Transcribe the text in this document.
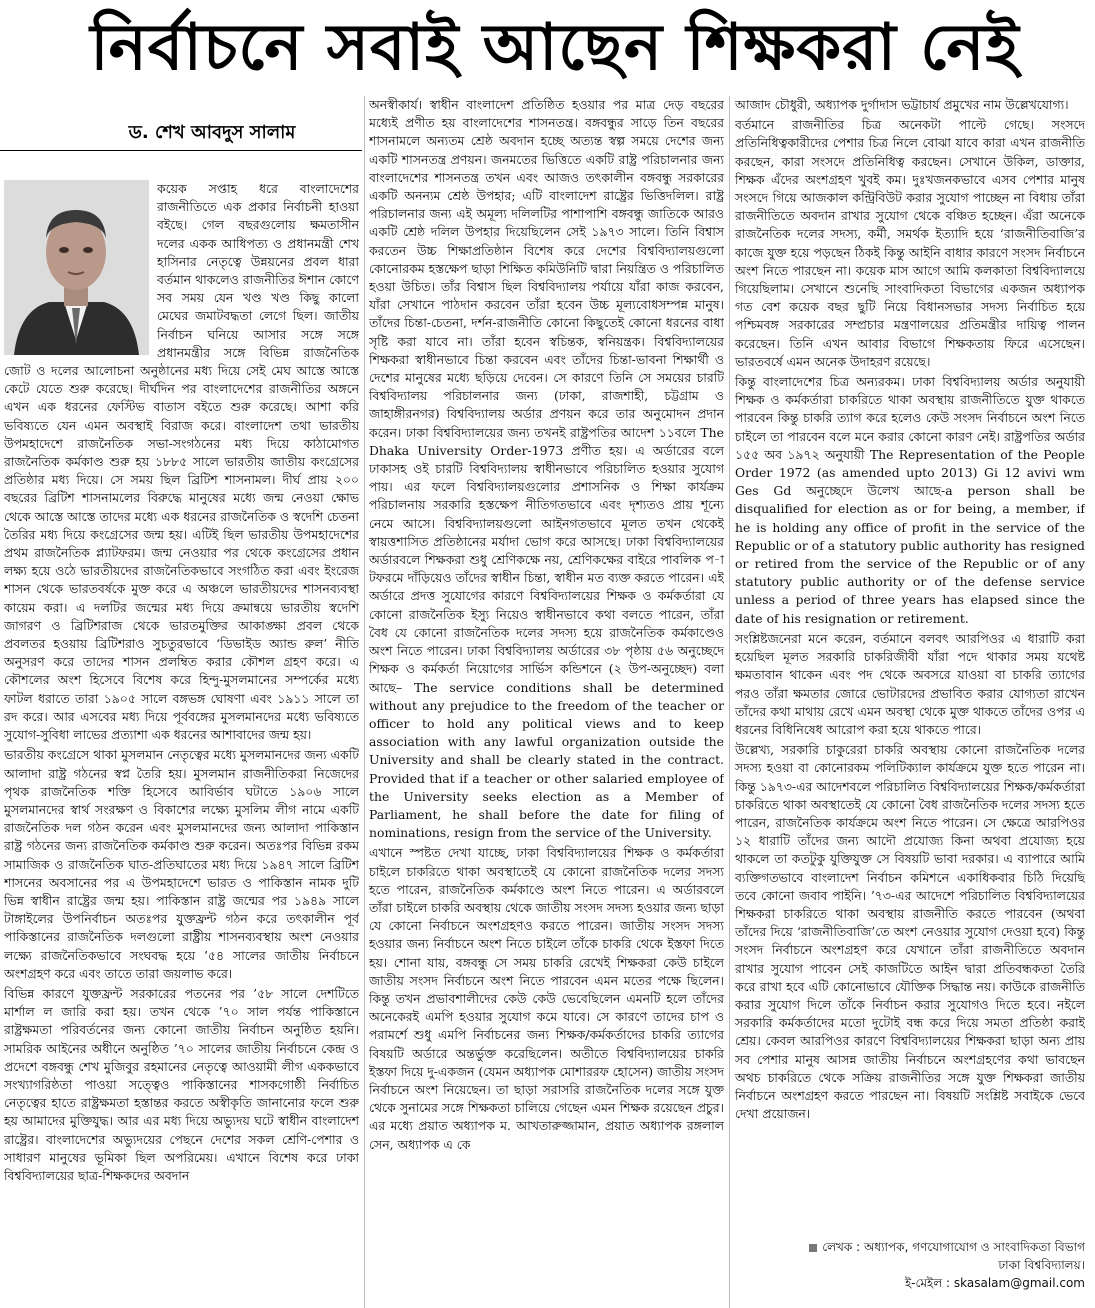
নির্বাচনে সবাই আছেন শিক্ষকরা নেই
ড. শেখ আবদুস সালাম

কয়েক সপ্তাহ ধরে বাংলাদেশের রাজনীতিতে এক প্রকার নির্বাচনী হাওয়া বইছে। গেল বছরগুলোয় ক্ষমতাসীন দলের একক আধিপত্য ও প্রধানমন্ত্রী শেখ হাসিনার নেতৃত্বে উন্নয়নের প্রবল ধারা বর্তমান থাকলেও রাজনীতির ঈশান কোণে সব সময় যেন খণ্ড খণ্ড কিছু কালো মেঘের জমাটবদ্ধতা লেগে ছিল। জাতীয় নির্বাচন ঘনিয়ে আসার সঙ্গে সঙ্গে প্রধানমন্ত্রীর সঙ্গে বিভিন্ন রাজনৈতিক জোট ও দলের আলোচনা অনুষ্ঠানের মধ্য দিয়ে সেই মেঘ আস্তে আস্তে কেটে যেতে শুরু করেছে। দীর্ঘদিন পর বাংলাদেশের রাজনীতির অঙ্গনে এখন এক ধরনের ফেস্টিভ বাতাস বইতে শুরু করেছে। আশা করি ভবিষ্যতে যেন এমন অবস্থাই বিরাজ করে। বাংলাদেশ তথা ভারতীয় উপমহাদেশে রাজনৈতিক সভা-সংগঠনের মধ্য দিয়ে কাঠামোগত রাজনৈতিক কর্মকাণ্ড শুরু হয় ১৮৮৫ সালে ভারতীয় জাতীয় কংগ্রেসের প্রতিষ্ঠার মধ্য দিয়ে। সে সময় ছিল ব্রিটিশ শাসনামল। দীর্ঘ প্রায় ২০০ বছরের ব্রিটিশ শাসনামলের বিরুদ্ধে মানুষের মধ্যে জন্ম নেওয়া ক্ষোভ থেকে আস্তে আস্তে তাদের মধ্যে এক ধরনের রাজনৈতিক ও স্বদেশি চেতনা তৈরির মধ্য দিয়ে কংগ্রেসের জন্ম হয়। এটিই ছিল ভারতীয় উপমহাদেশের প্রথম রাজনৈতিক প্ল্যাটফরম। জন্ম নেওয়ার পর থেকে কংগ্রেসের প্রধান লক্ষ্য হয়ে ওঠে ভারতীয়দের রাজনৈতিকভাবে সংগঠিত করা এবং ইংরেজ শাসন থেকে ভারতবর্ষকে মুক্ত করে এ অঞ্চলে ভারতীয়দের শাসনব্যবস্থা কায়েম করা। এ দলটির জন্মের মধ্য দিয়ে ক্রমান্বয়ে ভারতীয় স্বদেশি জাগরণ ও ব্রিটিশরাজ থেকে ভারতমুক্তির আকাঙ্ক্ষা প্রবল থেকে প্রবলতর হওয়ায় ব্রিটিশরাও সুচতুরভাবে ‘ডিভাইড অ্যান্ড রুল’ নীতি অনুসরণ করে তাদের শাসন প্রলম্বিত করার কৌশল গ্রহণ করে। এ কৌশলের অংশ হিসেবে বিশেষ করে হিন্দু-মুসলমানের সম্পর্কের মধ্যে ফাটল ধরাতে তারা ১৯০৫ সালে বঙ্গভঙ্গ ঘোষণা এবং ১৯১১ সালে তা রদ করে। আর এসবের মধ্য দিয়ে পূর্ববঙ্গের মুসলমানদের মধ্যে ভবিষ্যতে সুযোগ-সুবিধা লাভের প্রত্যাশা এক ধরনের আশাবাদের জন্ম হয়।

ভারতীয় কংগ্রেসে থাকা মুসলমান নেতৃত্বের মধ্যে মুসলমানদের জন্য একটি আলাদা রাষ্ট্র গঠনের স্বপ্ন তৈরি হয়। মুসলমান রাজনীতিকরা নিজেদের পৃথক রাজনৈতিক শক্তি হিসেবে আবির্ভাব ঘটাতে ১৯০৬ সালে মুসলমানদের স্বার্থ সংরক্ষণ ও বিকাশের লক্ষ্যে মুসলিম লীগ নামে একটি রাজনৈতিক দল গঠন করেন এবং মুসলমানদের জন্য আলাদা পাকিস্তান রাষ্ট্র গঠনের জন্য রাজনৈতিক কর্মকাণ্ড শুরু করেন। অতঃপর বিভিন্ন রকম সামাজিক ও রাজনৈতিক ঘাত-প্রতিঘাতের মধ্য দিয়ে ১৯৪৭ সালে ব্রিটিশ শাসনের অবসানের পর এ উপমহাদেশে ভারত ও পাকিস্তান নামক দুটি ভিন্ন স্বাধীন রাষ্ট্রের জন্ম হয়। পাকিস্তান রাষ্ট্র জন্মের পর ১৯৪৯ সালে টাঙ্গাইলের উপনির্বাচন অতঃপর যুক্তফ্রন্ট গঠন করে তৎকালীন পূর্ব পাকিস্তানের রাজনৈতিক দলগুলো রাষ্ট্রীয় শাসনব্যবস্থায় অংশ নেওয়ার লক্ষ্যে রাজনৈতিকভাবে সংঘবদ্ধ হয়ে ’৫৪ সালের জাতীয় নির্বাচনে অংশগ্রহণ করে এবং তাতে তারা জয়লাভ করে।

বিভিন্ন কারণে যুক্তফ্রন্ট সরকারের পতনের পর ’৫৮ সালে দেশটিতে মার্শাল ল জারি করা হয়। তখন থেকে ’৭০ সাল পর্যন্ত পাকিস্তানে রাষ্ট্রক্ষমতা পরিবর্তনের জন্য কোনো জাতীয় নির্বাচন অনুষ্ঠিত হয়নি। সামরিক আইনের অধীনে অনুষ্ঠিত ’৭০ সালের জাতীয় নির্বাচনে কেন্দ্র ও প্রদেশে বঙ্গবন্ধু শেখ মুজিবুর রহমানের নেতৃত্বে আওয়ামী লীগ এককভাবে সংখ্যাগরিষ্ঠতা পাওয়া সত্ত্বেও পাকিস্তানের শাসকগোষ্ঠী নির্বাচিত নেতৃত্বের হাতে রাষ্ট্রক্ষমতা হস্তান্তর করতে অস্বীকৃতি জানানোর ফলে শুরু হয় আমাদের মুক্তিযুদ্ধ। আর এর মধ্য দিয়ে অভ্যুদয় ঘটে স্বাধীন বাংলাদেশ রাষ্ট্রের। বাংলাদেশের অভ্যুদয়ের পেছনে দেশের সকল শ্রেণি-পেশার ও সাধারণ মানুষের ভূমিকা ছিল অপরিমেয়। এখানে বিশেষ করে ঢাকা বিশ্ববিদ্যালয়ের ছাত্র-শিক্ষকদের অবদান

অনস্বীকার্য। স্বাধীন বাংলাদেশ প্রতিষ্ঠিত হওয়ার পর মাত্র দেড় বছরের মধ্যেই প্রণীত হয় বাংলাদেশের শাসনতন্ত্র। বঙ্গবন্ধুর সাড়ে তিন বছরের শাসনামলে অন্যতম শ্রেষ্ঠ অবদান হচ্ছে অত্যন্ত স্বল্প সময়ে দেশের জন্য একটি শাসনতন্ত্র প্রণয়ন। জনমতের ভিত্তিতে একটি রাষ্ট্র পরিচালনার জন্য বাংলাদেশের শাসনতন্ত্র তখন এবং আজও তৎকালীন বঙ্গবন্ধু সরকারের একটি অনন্যম শ্রেষ্ঠ উপহার; এটি বাংলাদেশ রাষ্ট্রের ভিত্তিদলিল। রাষ্ট্র পরিচালনার জন্য এই অমূল্য দলিলটির পাশাপাশি বঙ্গবন্ধু জাতিকে আরও একটি শ্রেষ্ঠ দলিল উপহার দিয়েছিলেন সেই ১৯৭৩ সালে। তিনি বিশ্বাস করতেন উচ্চ শিক্ষাপ্রতিষ্ঠান বিশেষ করে দেশের বিশ্ববিদ্যালয়গুলো কোনোরকম হস্তক্ষেপ ছাড়া শিক্ষিত কমিউনিটি দ্বারা নিয়ন্ত্রিত ও পরিচালিত হওয়া উচিত। তাঁর বিশ্বাস ছিল বিশ্ববিদ্যালয় পর্যায়ে যাঁরা কাজ করবেন, যাঁরা সেখানে পাঠদান করবেন তাঁরা হবেন উচ্চ মূল্যবোধসম্পন্ন মানুষ। তাঁদের চিন্তা-চেতনা, দর্শন-রাজনীতি কোনো কিছুতেই কোনো ধরনের বাধা সৃষ্টি করা যাবে না। তাঁরা হবেন স্বচিন্তক, স্বনিয়ন্ত্রক। বিশ্ববিদ্যালয়ের শিক্ষকরা স্বাধীনভাবে চিন্তা করবেন এবং তাঁদের চিন্তা-ভাবনা শিক্ষার্থী ও দেশের মানুষের মধ্যে ছড়িয়ে দেবেন। সে কারণে তিনি সে সময়ের চারটি বিশ্ববিদ্যালয় পরিচালনার জন্য (ঢাকা, রাজশাহী, চট্টগ্রাম ও জাহাঙ্গীরনগর) বিশ্ববিদ্যালয় অর্ডার প্রণয়ন করে তার অনুমোদন প্রদান করেন। ঢাকা বিশ্ববিদ্যালয়ের জন্য তখনই রাষ্ট্রপতির আদেশ ১১বলে The Dhaka University Order-1973 প্রণীত হয়। এ অর্ডারের বলে ঢাকাসহ ওই চারটি বিশ্ববিদ্যালয় স্বাধীনভাবে পরিচালিত হওয়ার সুযোগ পায়। এর ফলে বিশ্ববিদ্যালয়গুলোর প্রশাসনিক ও শিক্ষা কার্যক্রম পরিচালনায় সরকারি হস্তক্ষেপ নীতিগতভাবে এবং দৃশ্যতও প্রায় শূন্যে নেমে আসে। বিশ্ববিদ্যালয়গুলো আইনগতভাবে মূলত তখন থেকেই স্বায়ত্তশাসিত প্রতিষ্ঠানের মর্যাদা ভোগ করে আসছে। ঢাকা বিশ্ববিদ্যালয়ের অর্ডারবলে শিক্ষকরা শুধু শ্রেণিকক্ষে নয়, শ্রেণিকক্ষের বাইরে পাবলিক প-াটফরমে দাঁড়িয়েও তাঁদের স্বাধীন চিন্তা, স্বাধীন মত ব্যক্ত করতে পারেন। এই অর্ডারে প্রদত্ত সুযোগের কারণে বিশ্ববিদ্যালয়ের শিক্ষক ও কর্মকর্তারা যে কোনো রাজনৈতিক ইস্যু নিয়েও স্বাধীনভাবে কথা বলতে পারেন, তাঁরা বৈধ যে কোনো রাজনৈতিক দলের সদস্য হয়ে রাজনৈতিক কর্মকাণ্ডেও অংশ নিতে পারেন। ঢাকা বিশ্ববিদ্যালয় অর্ডারের ৩৮ পৃষ্ঠায় ৫৬ অনুচ্ছেদে শিক্ষক ও কর্মকর্তা নিয়োগের সার্ভিস কন্ডিশনে (২ উপ-অনুচ্ছেদ) বলা আছে– The service conditions shall be determined without any prejudice to the freedom of the teacher or officer to hold any political views and to keep association with any lawful organization outside the University and shall be clearly stated in the contract. Provided that if a teacher or other salaried employee of the University seeks election as a Member of Parliament, he shall before the date for filing of nominations, resign from the service of the University.

এখানে স্পষ্টত দেখা যাচ্ছে, ঢাকা বিশ্ববিদ্যালয়ের শিক্ষক ও কর্মকর্তারা চাইলে চাকরিতে থাকা অবস্থাতেই যে কোনো রাজনৈতিক দলের সদস্য হতে পারেন, রাজনৈতিক কর্মকাণ্ডে অংশ নিতে পারেন। এ অর্ডারবলে তাঁরা চাইলে চাকরি অবস্থায় থেকে জাতীয় সংসদ সদস্য হওয়ার জন্য ছাড়া যে কোনো নির্বাচনে অংশগ্রহণও করতে পারেন। জাতীয় সংসদ সদস্য হওয়ার জন্য নির্বাচনে অংশ নিতে চাইলে তাঁকে চাকরি থেকে ইস্তফা দিতে হয়। শোনা যায়, বঙ্গবন্ধু সে সময় চাকরি রেখেই শিক্ষকরা কেউ চাইলে জাতীয় সংসদ নির্বাচনে অংশ নিতে পারবেন এমন মতের পক্ষে ছিলেন। কিন্তু তখন প্রভাবশালীদের কেউ কেউ ভেবেছিলেন এমনটি হলে তাঁদের অনেকেরই এমপি হওয়ার সুযোগ কমে যাবে। সে কারণে তাদের চাপ ও পরামর্শে শুধু এমপি নির্বাচনের জন্য শিক্ষক/কর্মকর্তাদের চাকরি ত্যাগের বিষয়টি অর্ডারে অন্তর্ভুক্ত করেছিলেন। অতীতে বিশ্ববিদ্যালয়ের চাকরি ইস্তফা দিয়ে দু-একজন (যেমন অধ্যাপক মোশাররফ হোসেন) জাতীয় সংসদ নির্বাচনে অংশ নিয়েছেন। তা ছাড়া সরাসরি রাজনৈতিক দলের সঙ্গে যুক্ত থেকে সুনামের সঙ্গে শিক্ষকতা চালিয়ে গেছেন এমন শিক্ষক রয়েছেন প্রচুর। এর মধ্যে প্রয়াত অধ্যাপক ম. আখতারুজ্জামান, প্রয়াত অধ্যাপক রঙ্গলাল সেন, অধ্যাপক এ কে

আজাদ চৌধুরী, অধ্যাপক দুর্গাদাস ভট্টাচার্য প্রমুখের নাম উল্লেখযোগ্য।

বর্তমানে রাজনীতির চিত্র অনেকটা পাল্টে গেছে। সংসদে প্রতিনিধিত্বকারীদের পেশার চিত্র নিলে বোঝা যাবে কারা এখন রাজনীতি করছেন, কারা সংসদে প্রতিনিধিত্ব করছেন। সেখানে উকিল, ডাক্তার, শিক্ষক এঁদের অংশগ্রহণ খুবই কম। দুঃখজনকভাবে এসব পেশার মানুষ সংসদে গিয়ে আজকাল কন্ট্রিবিউট করার সুযোগ পাচ্ছেন না বিধায় তাঁরা রাজনীতিতে অবদান রাখার সুযোগ থেকে বঞ্চিত হচ্ছেন। এঁরা অনেকে রাজনৈতিক দলের সদস্য, কর্মী, সমর্থক ইত্যাদি হয়ে ‘রাজনীতিবাজি’র কাজে যুক্ত হয়ে পড়ছেন ঠিকই কিন্তু আইনি বাধার কারণে সংসদ নির্বাচনে অংশ নিতে পারছেন না। কয়েক মাস আগে আমি কলকাতা বিশ্ববিদ্যালয়ে গিয়েছিলাম। সেখানে শুনেছি সাংবাদিকতা বিভাগের একজন অধ্যাপক গত বেশ কয়েক বছর ছুটি নিয়ে বিধানসভার সদস্য নির্বাচিত হয়ে পশ্চিমবঙ্গ সরকারের সম্প্রচার মন্ত্রণালয়ের প্রতিমন্ত্রীর দায়িত্ব পালন করেছেন। তিনি এখন আবার বিভাগে শিক্ষকতায় ফিরে এসেছেন। ভারতবর্ষে এমন অনেক উদাহরণ রয়েছে।

কিন্তু বাংলাদেশের চিত্র অন্যরকম। ঢাকা বিশ্ববিদ্যালয় অর্ডার অনুযায়ী শিক্ষক ও কর্মকর্তারা চাকরিতে থাকা অবস্থায় রাজনীতিতে যুক্ত থাকতে পারবেন কিন্তু চাকরি ত্যাগ করে হলেও কেউ সংসদ নির্বাচনে অংশ নিতে চাইলে তা পারবেন বলে মনে করার কোনো কারণ নেই। রাষ্ট্রপতির অর্ডার ১৫৫ অব ১৯৭২ অনুযায়ী The Representation of the People Order 1972 (as amended upto 2013) Gi 12 avivi wm Ges Gd অনুচ্ছেদে উলেখ আছে-a person shall be disqualified for election as or for being, a member, if he is holding any office of profit in the service of the Republic or of a statutory public authority has resigned or retired from the service of the Republic or of any statutory public authority or of the defense service unless a period of three years has elapsed since the date of his resignation or retirement.

সংশ্লিষ্টজনেরা মনে করেন, বর্তমানে বলবৎ আরপিওর এ ধারাটি করা হয়েছিল মূলত সরকারি চাকরিজীবী যাঁরা পদে থাকার সময় যথেষ্ট ক্ষমতাবান থাকেন এবং পদ থেকে অবসরে যাওয়া বা চাকরি ত্যাগের পরও তাঁরা ক্ষমতার জোরে ভোটারদের প্রভাবিত করার যোগ্যতা রাখেন তাঁদের কথা মাথায় রেখে এমন অবস্থা থেকে মুক্ত থাকতে তাঁদের ওপর এ ধরনের বিধিনিষেধ আরোপ করা হয়ে থাকতে পারে।

উল্লেখ্য, সরকারি চাকুরেরা চাকরি অবস্থায় কোনো রাজনৈতিক দলের সদস্য হওয়া বা কোনোরকম পলিটিক্যাল কার্যক্রমে যুক্ত হতে পারেন না। কিন্তু ১৯৭৩-এর আদেশবলে পরিচালিত বিশ্ববিদ্যালয়ের শিক্ষক/কর্মকর্তারা চাকরিতে থাকা অবস্থাতেই যে কোনো বৈধ রাজনৈতিক দলের সদস্য হতে পারেন, রাজনৈতিক কার্যক্রমে অংশ নিতে পারেন। সে ক্ষেত্রে আরপিওর ১২ ধারাটি তাঁদের জন্য আদৌ প্রযোজ্য কিনা অথবা প্রযোজ্য হয়ে থাকলে তা কতটুকু যুক্তিযুক্ত সে বিষয়টি ভাবা দরকার। এ ব্যাপারে আমি ব্যক্তিগতভাবে বাংলাদেশ নির্বাচন কমিশনে একাধিকবার চিঠি দিয়েছি তবে কোনো জবাব পাইনি। ’৭৩-এর আদেশে পরিচালিত বিশ্ববিদ্যালয়ের শিক্ষকরা চাকরিতে থাকা অবস্থায় রাজনীতি করতে পারবেন (অথবা তাঁদের দিয়ে ‘রাজনীতিবাজি’তে অংশ নেওয়ার সুযোগ দেওয়া হবে) কিন্তু সংসদ নির্বাচনে অংশগ্রহণ করে যেখানে তাঁরা রাজনীতিতে অবদান রাখার সুযোগ পাবেন সেই কাজটিতে আইন দ্বারা প্রতিবন্ধকতা তৈরি করে রাখা হবে এটি কোনোভাবে যৌক্তিক সিদ্ধান্ত নয়। কাউকে রাজনীতি করার সুযোগ দিলে তাঁকে নির্বাচন করার সুযোগও দিতে হবে। নইলে সরকারি কর্মকর্তাদের মতো দুটোই বন্ধ করে দিয়ে সমতা প্রতিষ্ঠা করাই শ্রেয়। কেবল আরপিওর কারণে বিশ্ববিদ্যালয়ের শিক্ষকরা ছাড়া অন্য প্রায় সব পেশার মানুষ আসন্ন জাতীয় নির্বাচনে অংশগ্রহণের কথা ভাবছেন অথচ চাকরিতে থেকে সক্রিয় রাজনীতির সঙ্গে যুক্ত শিক্ষকরা জাতীয় নির্বাচনে অংশগ্রহণ করতে পারছেন না। বিষয়টি সংশ্লিষ্ট সবাইকে ভেবে দেখা প্রয়োজন।

লেখক : অধ্যাপক, গণযোগাযোগ ও সাংবাদিকতা বিভাগ
ঢাকা বিশ্ববিদ্যালয়।
ই-মেইল : skasalam@gmail.com
